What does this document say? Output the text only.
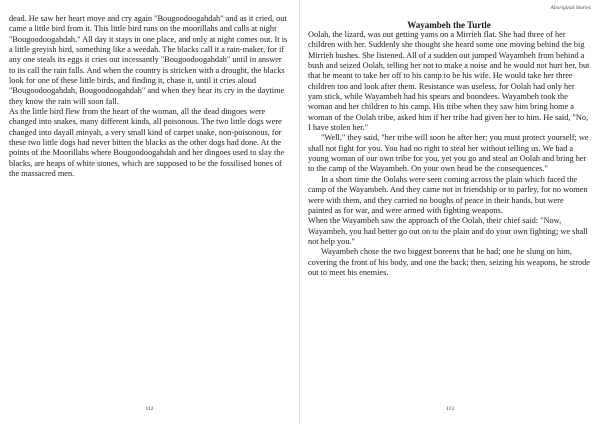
dead. He saw her heart move and cry again "Bougoodoogahdah" and as it cried, out came a little bird from it. This little bird runs on the moorillahs and calls at night "Bougoodoogahdah." All day it stays in one place, and only at night comes out. It is a little greyish bird, something like a weedah. The blacks call it a rain-maker, for if any one steals its eggs it cries out incessantly "Bougoodoogahdah" until in answer to its call the rain falls. And when the country is stricken with a drought, the blacks look for one of these little birds, and finding it, chase it, until it cries aloud "Bougoodoogahdah, Bougoodoogahdah" and when they hear its cry in the daytime they know the rain will soon fall.

As the little bird flew from the heart of the woman, all the dead dingoes were changed into snakes, many different kinds, all poisonous. The two little dogs were changed into dayall minyah, a very small kind of carpet snake, non-poisonous, for these two little dogs had never bitten the blacks as the other dogs had done. At the points of the Moorillahs where Bougoodoogahdah and her dingoes used to slay the blacks, are heaps of white stones, which are supposed to be the fossilised bones of the massacred men.

112
Aboriginal Stories

Wayambeh the Turtle

Oolah, the lizard, was out getting yams on a Mirrieh flat. She had three of her children with her. Suddenly she thought she heard some one moving behind the big Mirrieh bushes. She listened. All of a sudden out jumped Wayambeh from behind a bush and seized Oolah, telling her not to make a noise and he would not hurt her, but that he meant to take her off to his camp to be his wife. He would take her three children too and look after them. Resistance was useless, for Oolah had only her yam stick, while Wayambeh had his spears and boondees. Wayambeh took the woman and her children to his camp. His tribe when they saw him bring home a woman of the Oolah tribe, asked him if her tribe had given her to him. He said, "No, I have stolen her."

"Well," they said, "her tribe will soon be after her; you must protect yourself; we shall not fight for you. You had no right to steal her without telling us. We had a young woman of our own tribe for you, yet you go and steal an Oolah and bring her to the camp of the Wayambeh. On your own head be the consequences."

In a short time the Oolahs were seen coming across the plain which faced the camp of the Wayambeh. And they came not in friendship or to parley, for no women were with them, and they carried no boughs of peace in their hands, but were painted as for war, and were armed with fighting weapons.

When the Wayambeh saw the approach of the Oolah, their chief said: "Now, Wayambeh, you had better go out on to the plain and do your own fighting; we shall not help you."

Wayambeh chose the two biggest boreens that he had; one he slung on him, covering the front of his body, and one the back; then, seizing his weapons, he strode out to meet his enemies.

113
